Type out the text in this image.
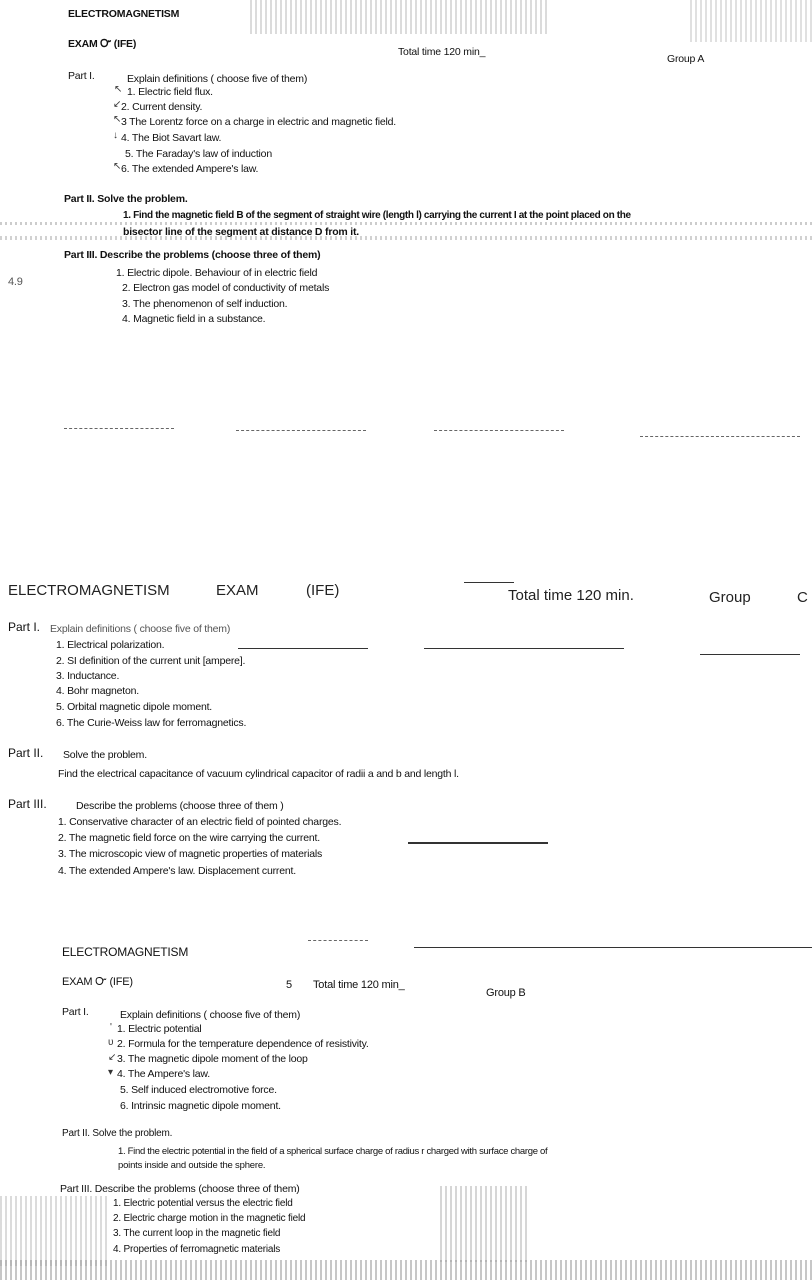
ELECTROMAGNETISM
EXAM Ꮕ (IFE)
Total time 120 min_
Group A
Part I.	Explain definitions ( choose five of them)
1. Electric field flux.
2. Current density.
3 The Lorentz force on a charge in electric and magnetic field.
4. The Biot Savart law.
5. The Faraday's law of induction
6. The extended Ampere's law.
↖
↙
↖
↓
↖
Part II. Solve the problem.
1. Find the magnetic field B of the segment of straight wire (length l) carrying the current I at the point placed on the
bisector line of the segment at distance D from it.
Part III. Describe the problems (choose three of them)
4.9
1. Electric dipole. Behaviour of in electric field
2. Electron gas model of conductivity of metals
3. The phenomenon of self induction.
4. Magnetic field in a substance.
ELECTROMAGNETISM	EXAM	(IFE)	Total time 120 min.	Group	C
Part I. Explain definitions ( choose five of them)
1. Electrical polarization.
2. SI definition of the current unit [ampere].
3. Inductance.
4. Bohr magneton.
5. Orbital magnetic dipole moment.
6. The Curie-Weiss law for ferromagnetics.
Part II. Solve the problem.
Find the electrical capacitance of vacuum cylindrical capacitor of radii a and b and length l.
Part III.	Describe the problems (choose three of them )
1. Conservative character of an electric field of pointed charges.
2. The magnetic field force on the wire carrying the current.
3. The microscopic view of magnetic properties of materials
4. The extended Ampere's law. Displacement current.
ELECTROMAGNETISM
EXAM Ꮕ (IFE)	5 Total time 120 min_
Group B
Part I.	Explain definitions ( choose five of them)
1. Electric potential
2. Formula for the temperature dependence of resistivity.
3. The magnetic dipole moment of the loop
4. The Ampere's law.
5. Self induced electromotive force.
6. Intrinsic magnetic dipole moment.
'
υ
↙
▾
Part II. Solve the problem.
1. Find the electric potential in the field of a spherical surface charge of radius r charged with surface charge of
points inside and outside the sphere.
Part III. Describe the problems (choose three of them)
1. Electric potential versus the electric field
2. Electric charge motion in the magnetic field
3. The current loop in the magnetic field
4. Properties of ferromagnetic materials
